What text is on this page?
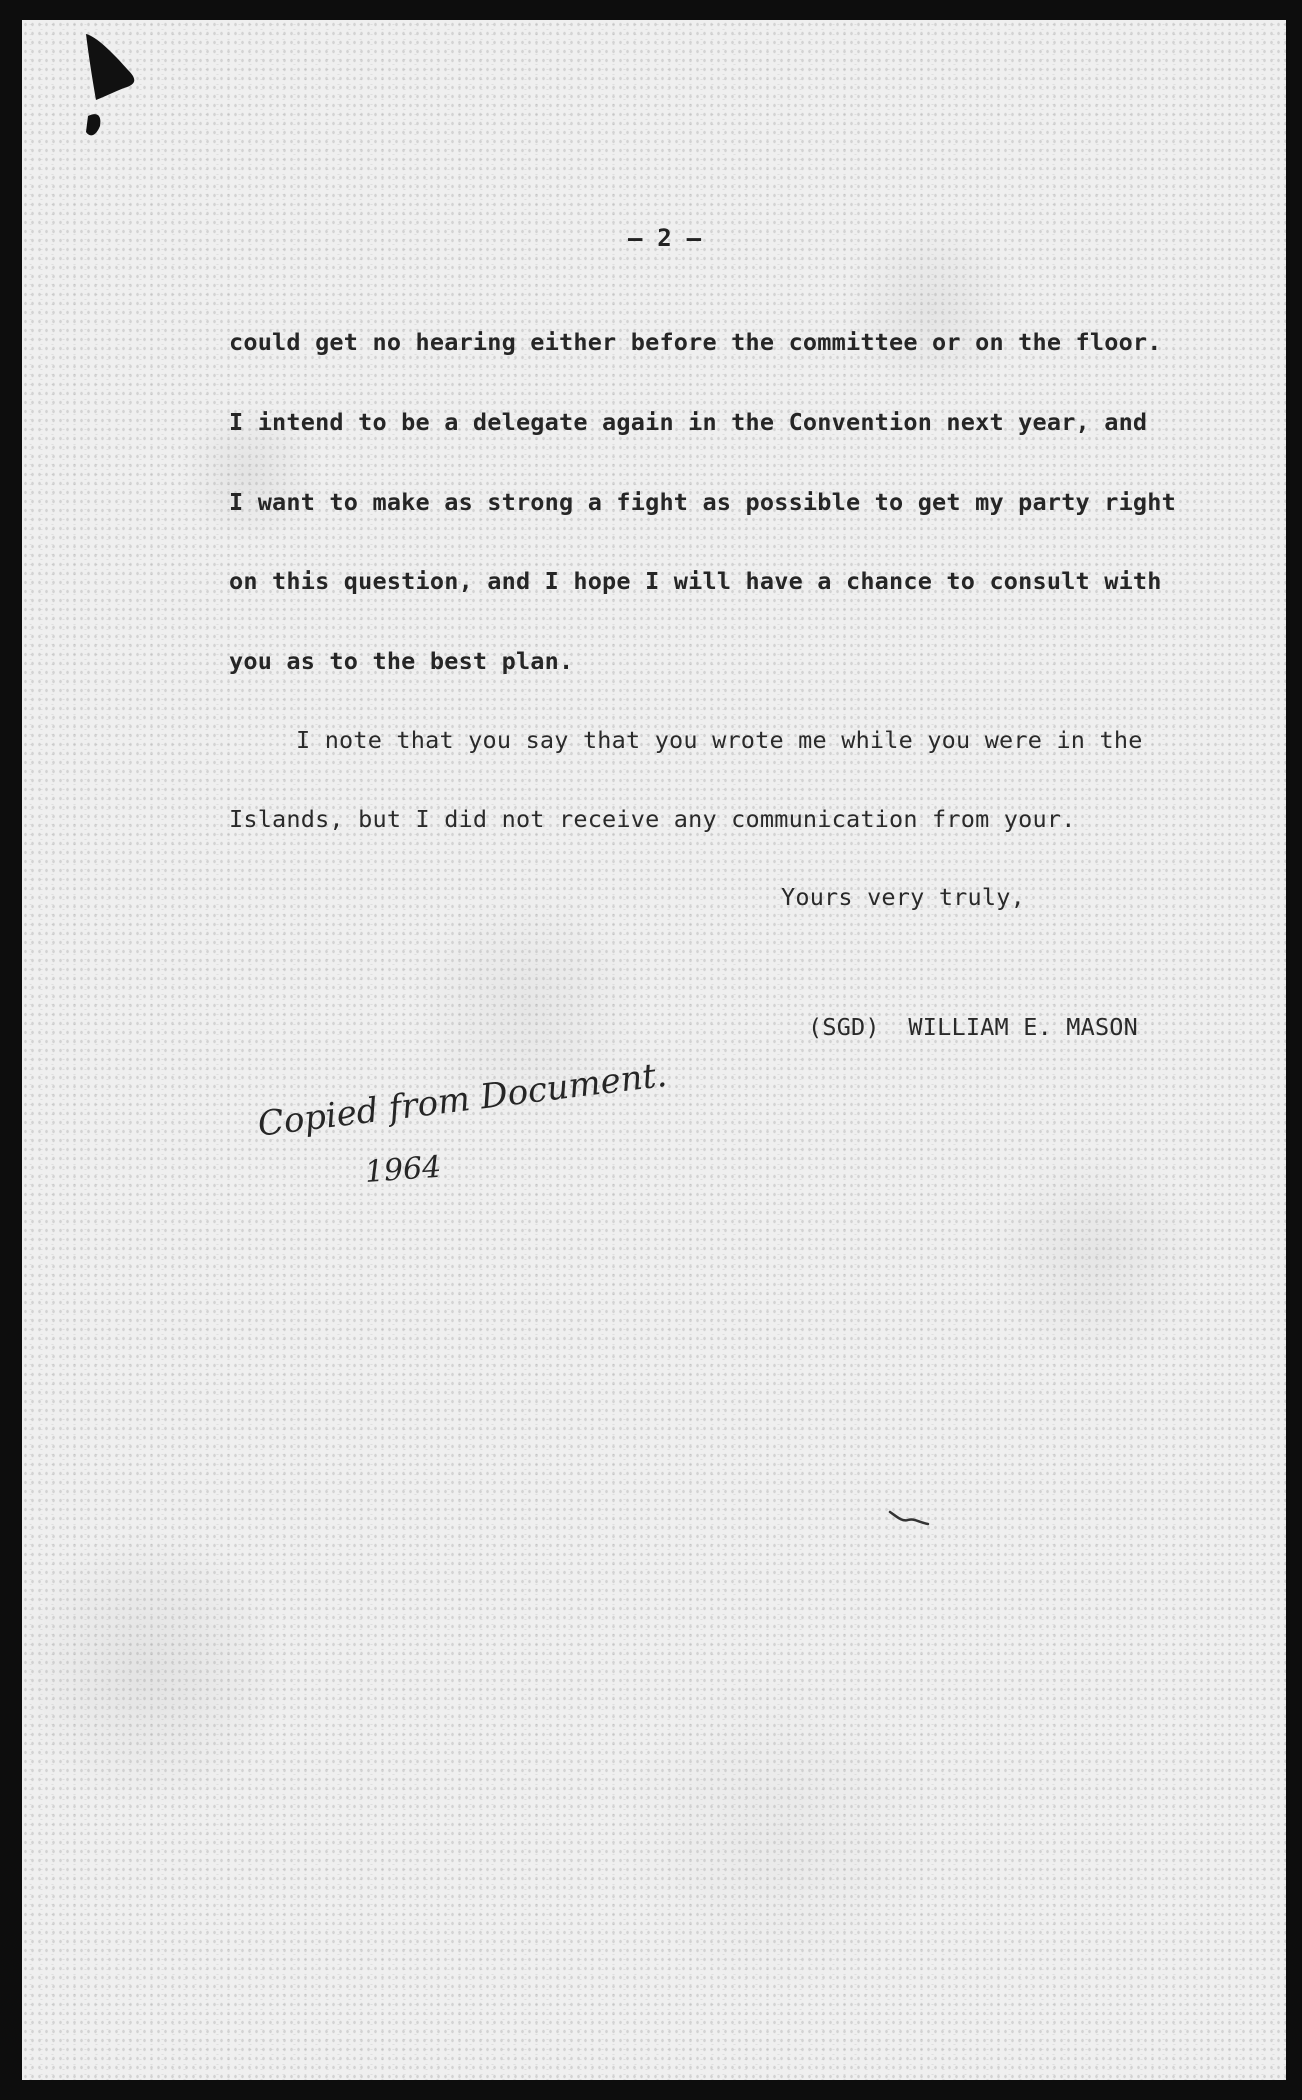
— 2 —

could get no hearing either before the committee or on the floor.

I intend to be a delegate again in the Convention next year, and

I want to make as strong a fight as possible to get my party right

on this question, and I hope I will have a chance to consult with

you as to the best plan.

I note that you say that you wrote me while you were in the

Islands, but I did not receive any communication from your.

Yours very truly,

(SGD)  WILLIAM E. MASON

Copied from Document.
1964
